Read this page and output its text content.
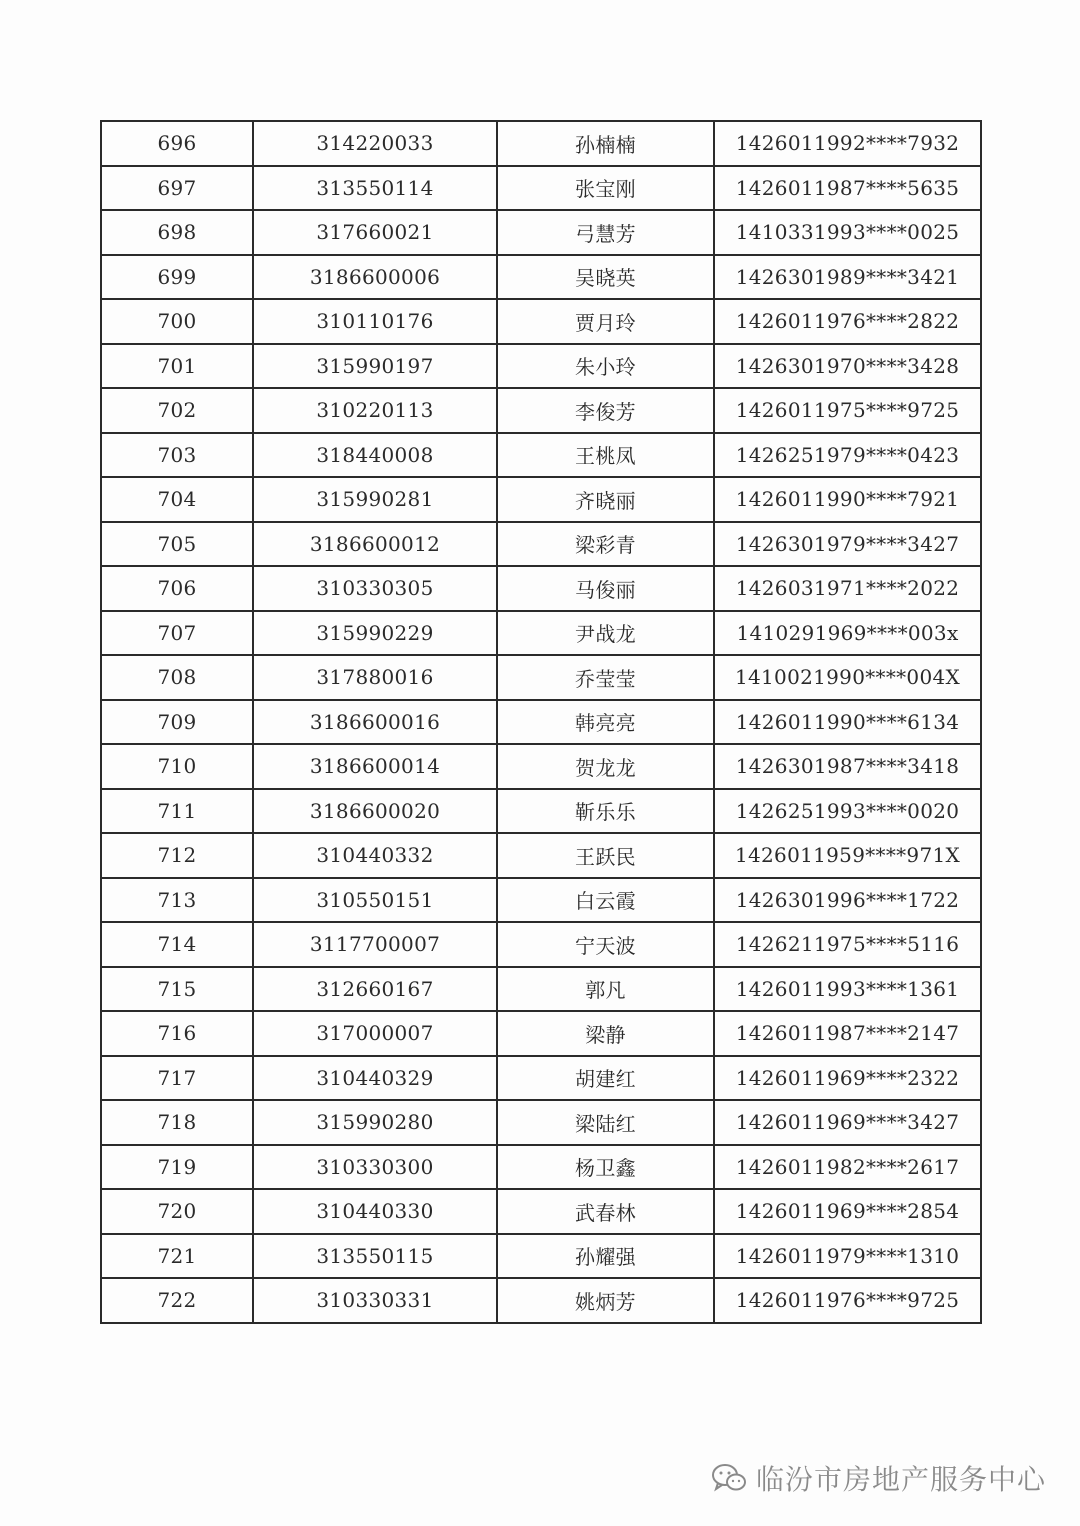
696	314220033	孙楠楠	1426011992****7932
697	313550114	张宝刚	1426011987****5635
698	317660021	弓慧芳	1410331993****0025
699	3186600006	吴晓英	1426301989****3421
700	310110176	贾月玲	1426011976****2822
701	315990197	朱小玲	1426301970****3428
702	310220113	李俊芳	1426011975****9725
703	318440008	王桃凤	1426251979****0423
704	315990281	齐晓丽	1426011990****7921
705	3186600012	梁彩青	1426301979****3427
706	310330305	马俊丽	1426031971****2022
707	315990229	尹战龙	1410291969****003x
708	317880016	乔莹莹	1410021990****004X
709	3186600016	韩亮亮	1426011990****6134
710	3186600014	贺龙龙	1426301987****3418
711	3186600020	靳乐乐	1426251993****0020
712	310440332	王跃民	1426011959****971X
713	310550151	白云霞	1426301996****1722
714	3117700007	宁天波	1426211975****5116
715	312660167	郭凡	1426011993****1361
716	317000007	梁静	1426011987****2147
717	310440329	胡建红	1426011969****2322
718	315990280	梁陆红	1426011969****3427
719	310330300	杨卫鑫	1426011982****2617
720	310440330	武春林	1426011969****2854
721	313550115	孙耀强	1426011979****1310
722	310330331	姚炳芳	1426011976****9725
临汾市房地产服务中心
